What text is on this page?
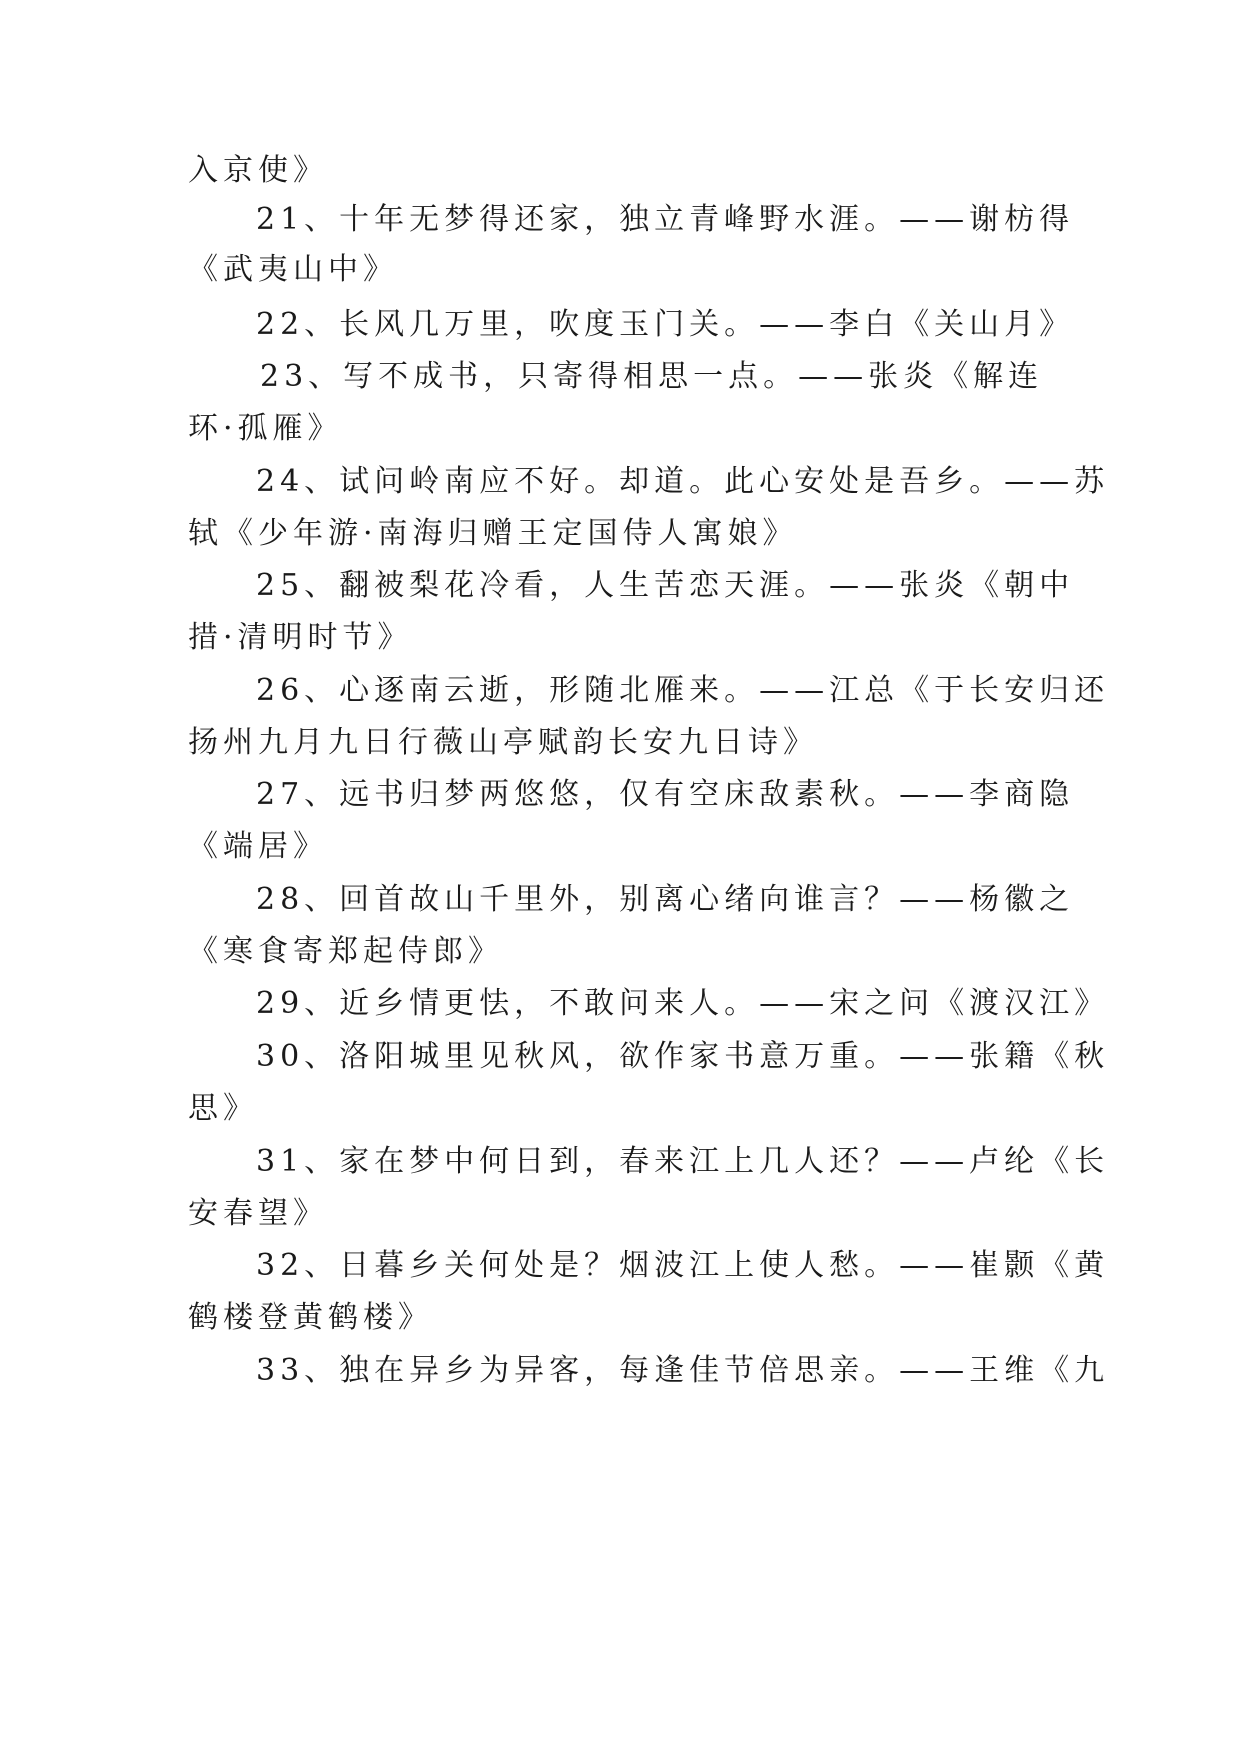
入京使》
21、十年无梦得还家，独立青峰野水涯。——谢枋得
《武夷山中》
22、长风几万里，吹度玉门关。——李白《关山月》
23、写不成书，只寄得相思一点。——张炎《解连
环·孤雁》
24、试问岭南应不好。却道。此心安处是吾乡。——苏
轼《少年游·南海归赠王定国侍人寓娘》
25、翻被梨花冷看，人生苦恋天涯。——张炎《朝中
措·清明时节》
26、心逐南云逝，形随北雁来。——江总《于长安归还
扬州九月九日行薇山亭赋韵长安九日诗》
27、远书归梦两悠悠，仅有空床敌素秋。——李商隐
《端居》
28、回首故山千里外，别离心绪向谁言？——杨徽之
《寒食寄郑起侍郎》
29、近乡情更怯，不敢问来人。——宋之问《渡汉江》
30、洛阳城里见秋风，欲作家书意万重。——张籍《秋
思》
31、家在梦中何日到，春来江上几人还？——卢纶《长
安春望》
32、日暮乡关何处是？烟波江上使人愁。——崔颢《黄
鹤楼登黄鹤楼》
33、独在异乡为异客，每逢佳节倍思亲。——王维《九
